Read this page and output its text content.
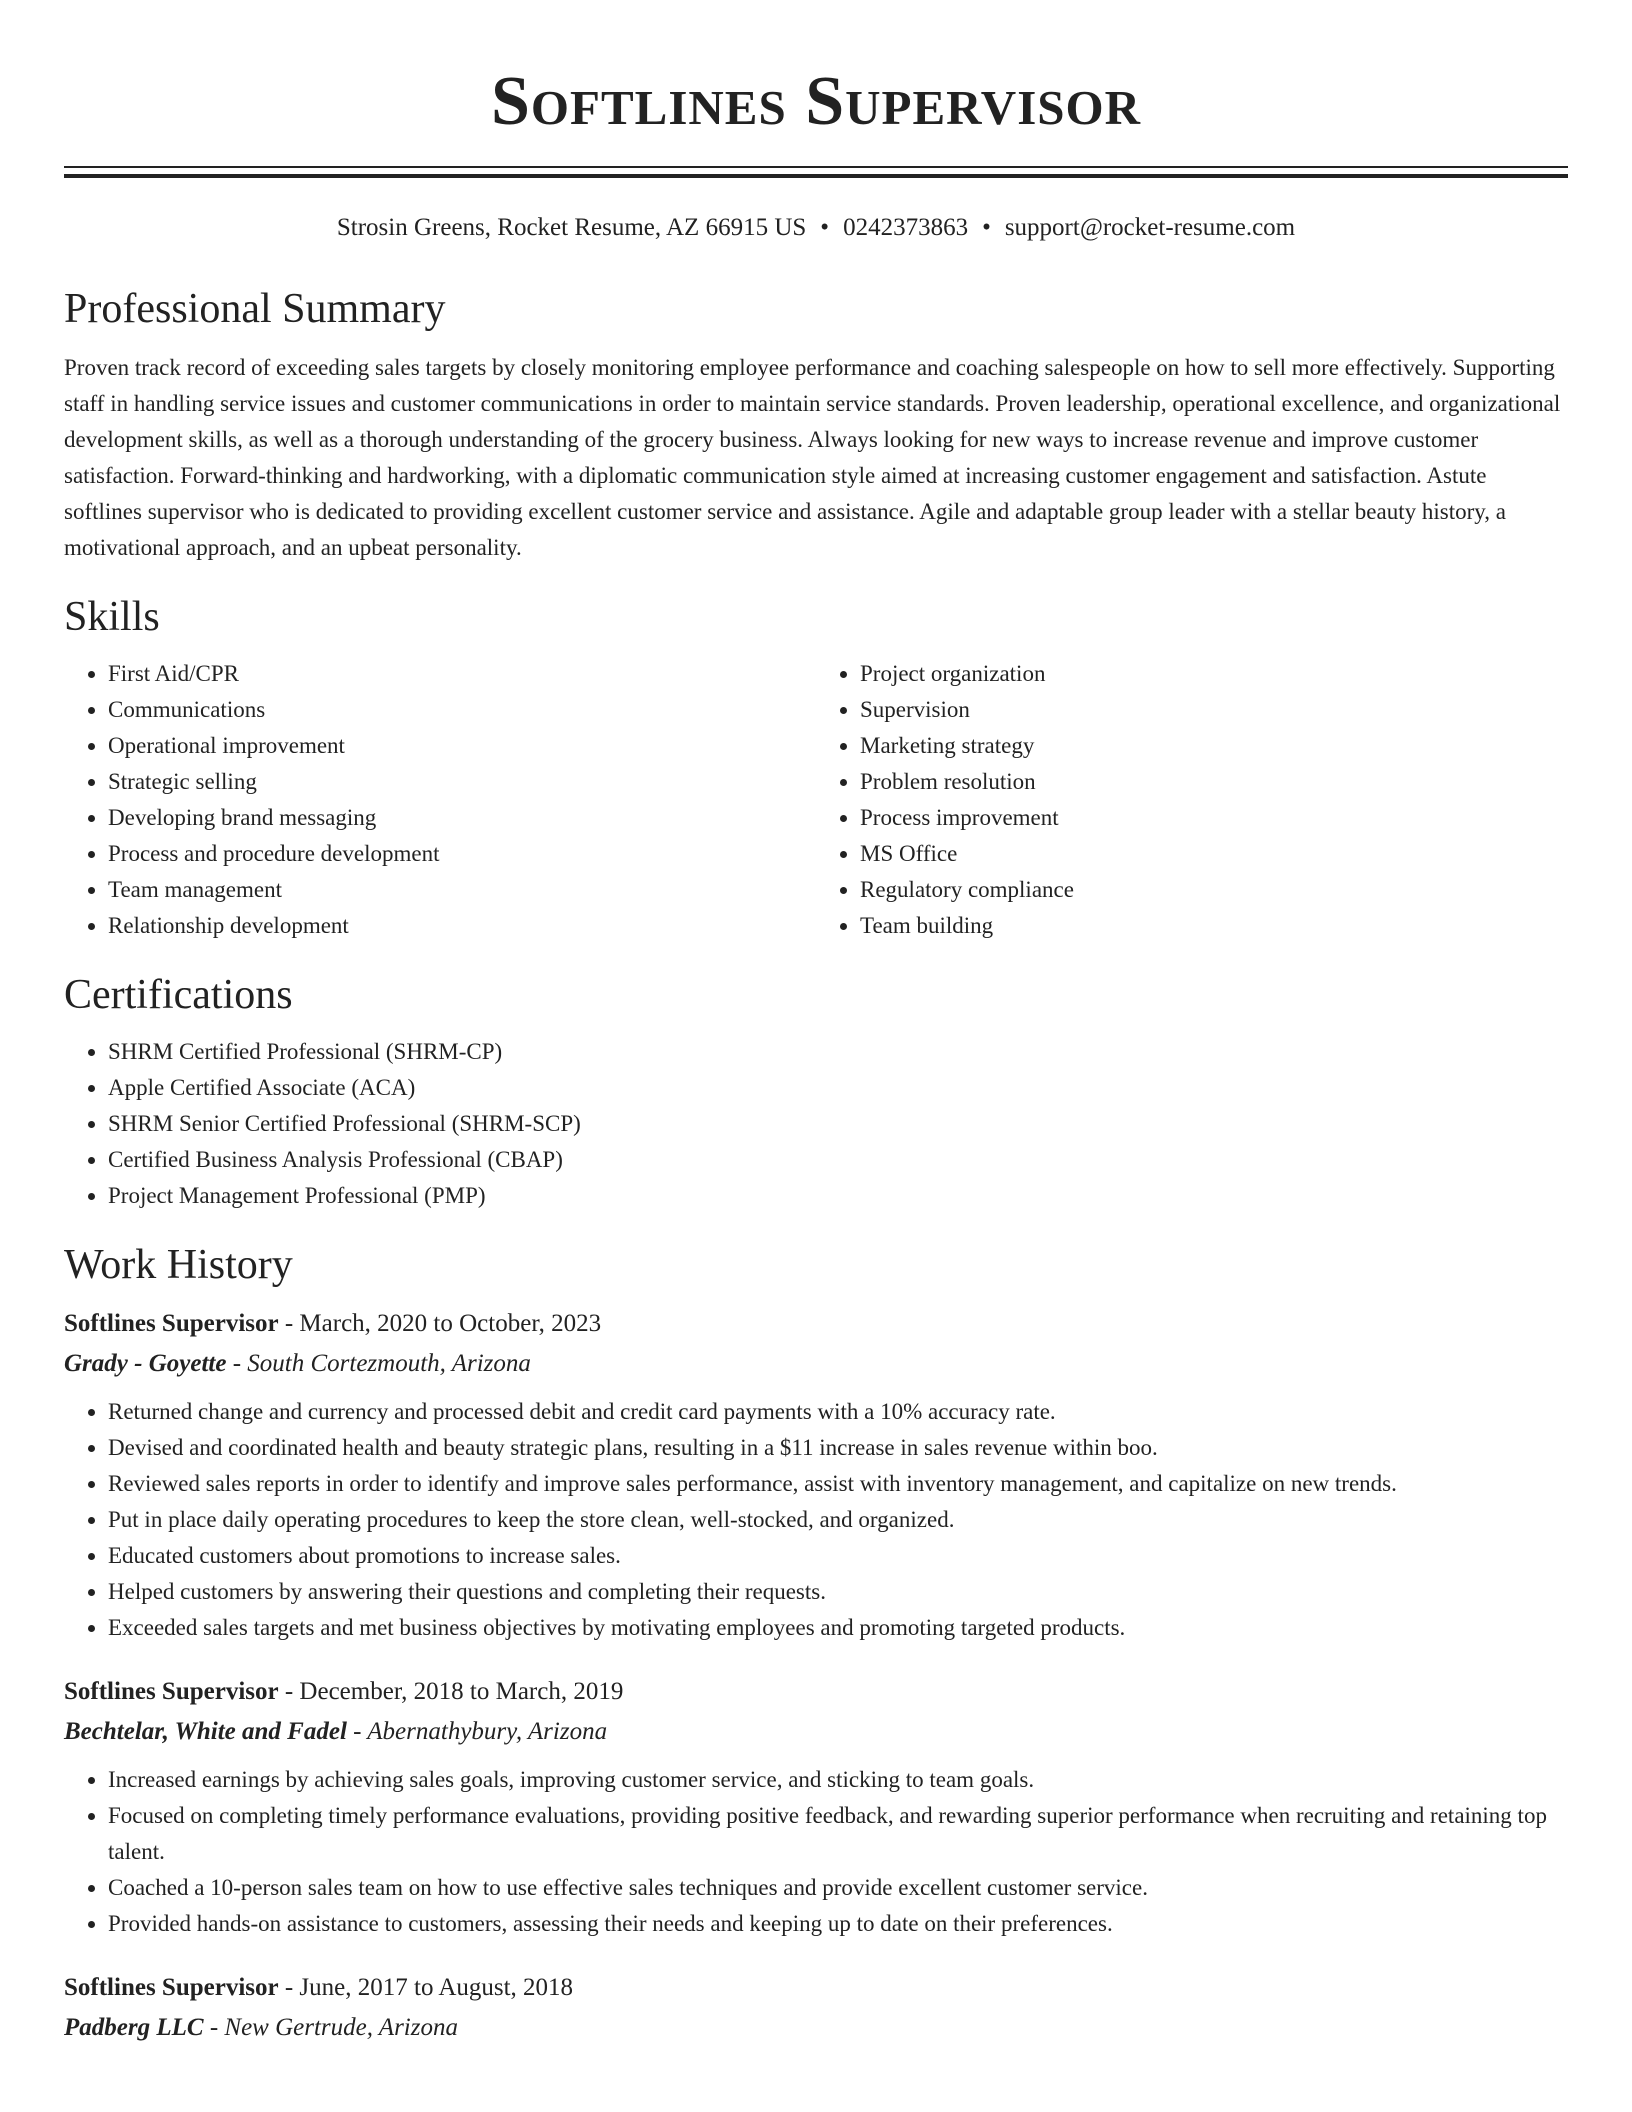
Softlines Supervisor
Strosin Greens, Rocket Resume, AZ 66915 US • 0242373863 • support@rocket-resume.com
Professional Summary

Proven track record of exceeding sales targets by closely monitoring employee performance and coaching salespeople on how to sell more effectively. Supporting staff in handling service issues and customer communications in order to maintain service standards. Proven leadership, operational excellence, and organizational development skills, as well as a thorough understanding of the grocery business. Always looking for new ways to increase revenue and improve customer satisfaction. Forward-thinking and hardworking, with a diplomatic communication style aimed at increasing customer engagement and satisfaction. Astute softlines supervisor who is dedicated to providing excellent customer service and assistance. Agile and adaptable group leader with a stellar beauty history, a motivational approach, and an upbeat personality.

Skills
• First Aid/CPR
• Communications
• Operational improvement
• Strategic selling
• Developing brand messaging
• Process and procedure development
• Team management
• Relationship development
• Project organization
• Supervision
• Marketing strategy
• Problem resolution
• Process improvement
• MS Office
• Regulatory compliance
• Team building
Certifications
• SHRM Certified Professional (SHRM-CP)
• Apple Certified Associate (ACA)
• SHRM Senior Certified Professional (SHRM-SCP)
• Certified Business Analysis Professional (CBAP)
• Project Management Professional (PMP)
Work History
Softlines Supervisor - March, 2020 to October, 2023
Grady - Goyette - South Cortezmouth, Arizona
• Returned change and currency and processed debit and credit card payments with a 10% accuracy rate.
• Devised and coordinated health and beauty strategic plans, resulting in a $11 increase in sales revenue within boo.
• Reviewed sales reports in order to identify and improve sales performance, assist with inventory management, and capitalize on new trends.
• Put in place daily operating procedures to keep the store clean, well-stocked, and organized.
• Educated customers about promotions to increase sales.
• Helped customers by answering their questions and completing their requests.
• Exceeded sales targets and met business objectives by motivating employees and promoting targeted products.
Softlines Supervisor - December, 2018 to March, 2019
Bechtelar, White and Fadel - Abernathybury, Arizona
• Increased earnings by achieving sales goals, improving customer service, and sticking to team goals.
• Focused on completing timely performance evaluations, providing positive feedback, and rewarding superior performance when recruiting and retaining top talent.
• Coached a 10-person sales team on how to use effective sales techniques and provide excellent customer service.
• Provided hands-on assistance to customers, assessing their needs and keeping up to date on their preferences.
Softlines Supervisor - June, 2017 to August, 2018
Padberg LLC - New Gertrude, Arizona
